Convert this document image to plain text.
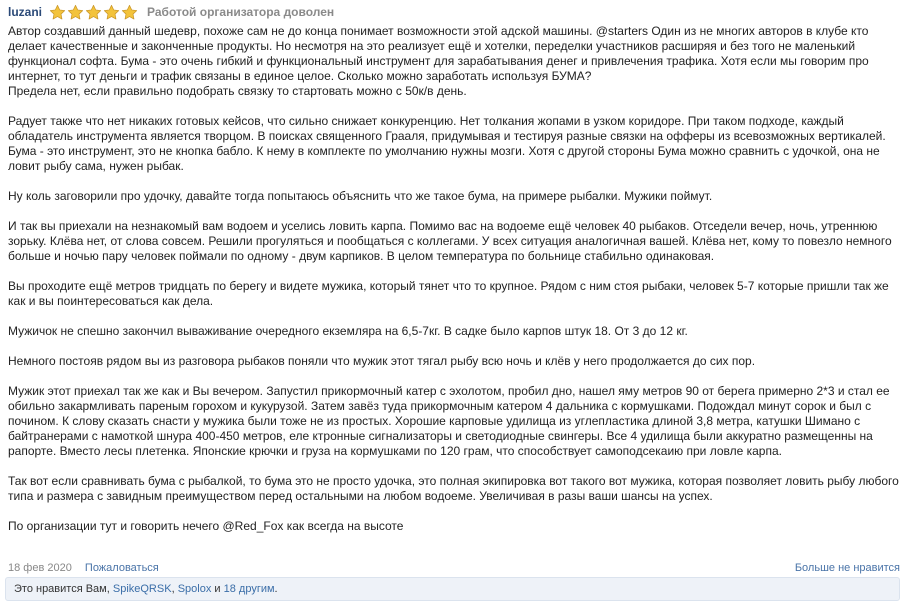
luzani	Работой организатора доволен

Автор создавший данный шедевр, похоже сам не до конца понимает возможности этой адской машины. @starters Один из не многих авторов в клубе кто делает качественные и законченные продукты. Но несмотря на это реализует ещё и хотелки, переделки участников расширяя и без того не маленький функционал софта. Бума - это очень гибкий и функциональный инструмент для зарабатывания денег и привлечения трафика. Хотя если мы говорим про интернет, то тут деньги и трафик связаны в единое целое. Сколько можно заработать используя БУМА?

Предела нет, если правильно подобрать связку то стартовать можно с 50к/в день.

Радует также что нет никаких готовых кейсов, что сильно снижает конкуренцию. Нет толкания жопами в узком коридоре. При таком подходе, каждый обладатель инструмента является творцом. В поисках священного Грааля, придумывая и тестируя разные связки на офферы из всевозможных вертикалей.

Бума - это инструмент, это не кнопка бабло. К нему в комплекте по умолчанию нужны мозги. Хотя с другой стороны Бума можно сравнить с удочкой, она не ловит рыбу сама, нужен рыбак.

Ну коль заговорили про удочку, давайте тогда попытаюсь объяснить что же такое бума, на примере рыбалки. Мужики поймут.

И так вы приехали на незнакомый вам водоем и уселись ловить карпа. Помимо вас на водоеме ещё человек 40 рыбаков. Отседели вечер, ночь, утреннюю зорьку. Клёва нет, от слова совсем. Решили прогуляться и пообщаться с коллегами. У всех ситуация аналогичная вашей. Клёва нет, кому то повезло немного больше и ночью пару человек поймали по одному - двум карпиков. В целом температура по больнице стабильно одинаковая.

Вы проходите ещё метров тридцать по берегу и видете мужика, который тянет что то крупное. Рядом с ним стоя рыбаки, человек 5-7 которые пришли так же как и вы поинтересоваться как дела.

Мужичок не спешно закончил вываживание очередного екземляра на 6,5-7кг. В садке было карпов штук 18. От 3 до 12 кг.

Немного постояв рядом вы из разговора рыбаков поняли что мужик этот тягал рыбу всю ночь и клёв у него продолжается до сих пор.

Мужик этот приехал так же как и Вы вечером. Запустил прикормочный катер с эхолотом, пробил дно, нашел яму метров 90 от берега примерно 2*3 и стал ее обильно закармливать пареным горохом и кукурузой. Затем завёз туда прикормочным катером 4 дальника с кормушками. Подождал минут сорок и был с почином. К слову сказать снасти у мужика были тоже не из простых. Хорошие карповые удилища из углепластика длиной 3,8 метра, катушки Шимано с байтранерами с намоткой шнура 400-450 метров, еле ктронные сигнализаторы и светодиодные свингеры. Все 4 удилища были аккуратно размещенны на рапорте. Вместо лесы плетенка. Японские крючки и груза на кормушками по 120 грам, что способствует самоподсекаию при ловле карпа.

Так вот если сравнивать бума с рыбалкой, то бума это не просто удочка, это полная экипировка вот такого вот мужика, которая позволяет ловить рыбу любого типа и размера с завидным преимуществом перед остальными на любом водоеме. Увеличивая в разы ваши шансы на успех.

По организации тут и говорить нечего @Red_Fox как всегда на высоте

18 фев 2020 Пожаловаться	Больше не нравится
Это нравится Вам, SpikeQRSK, Spolox и 18 другим.
